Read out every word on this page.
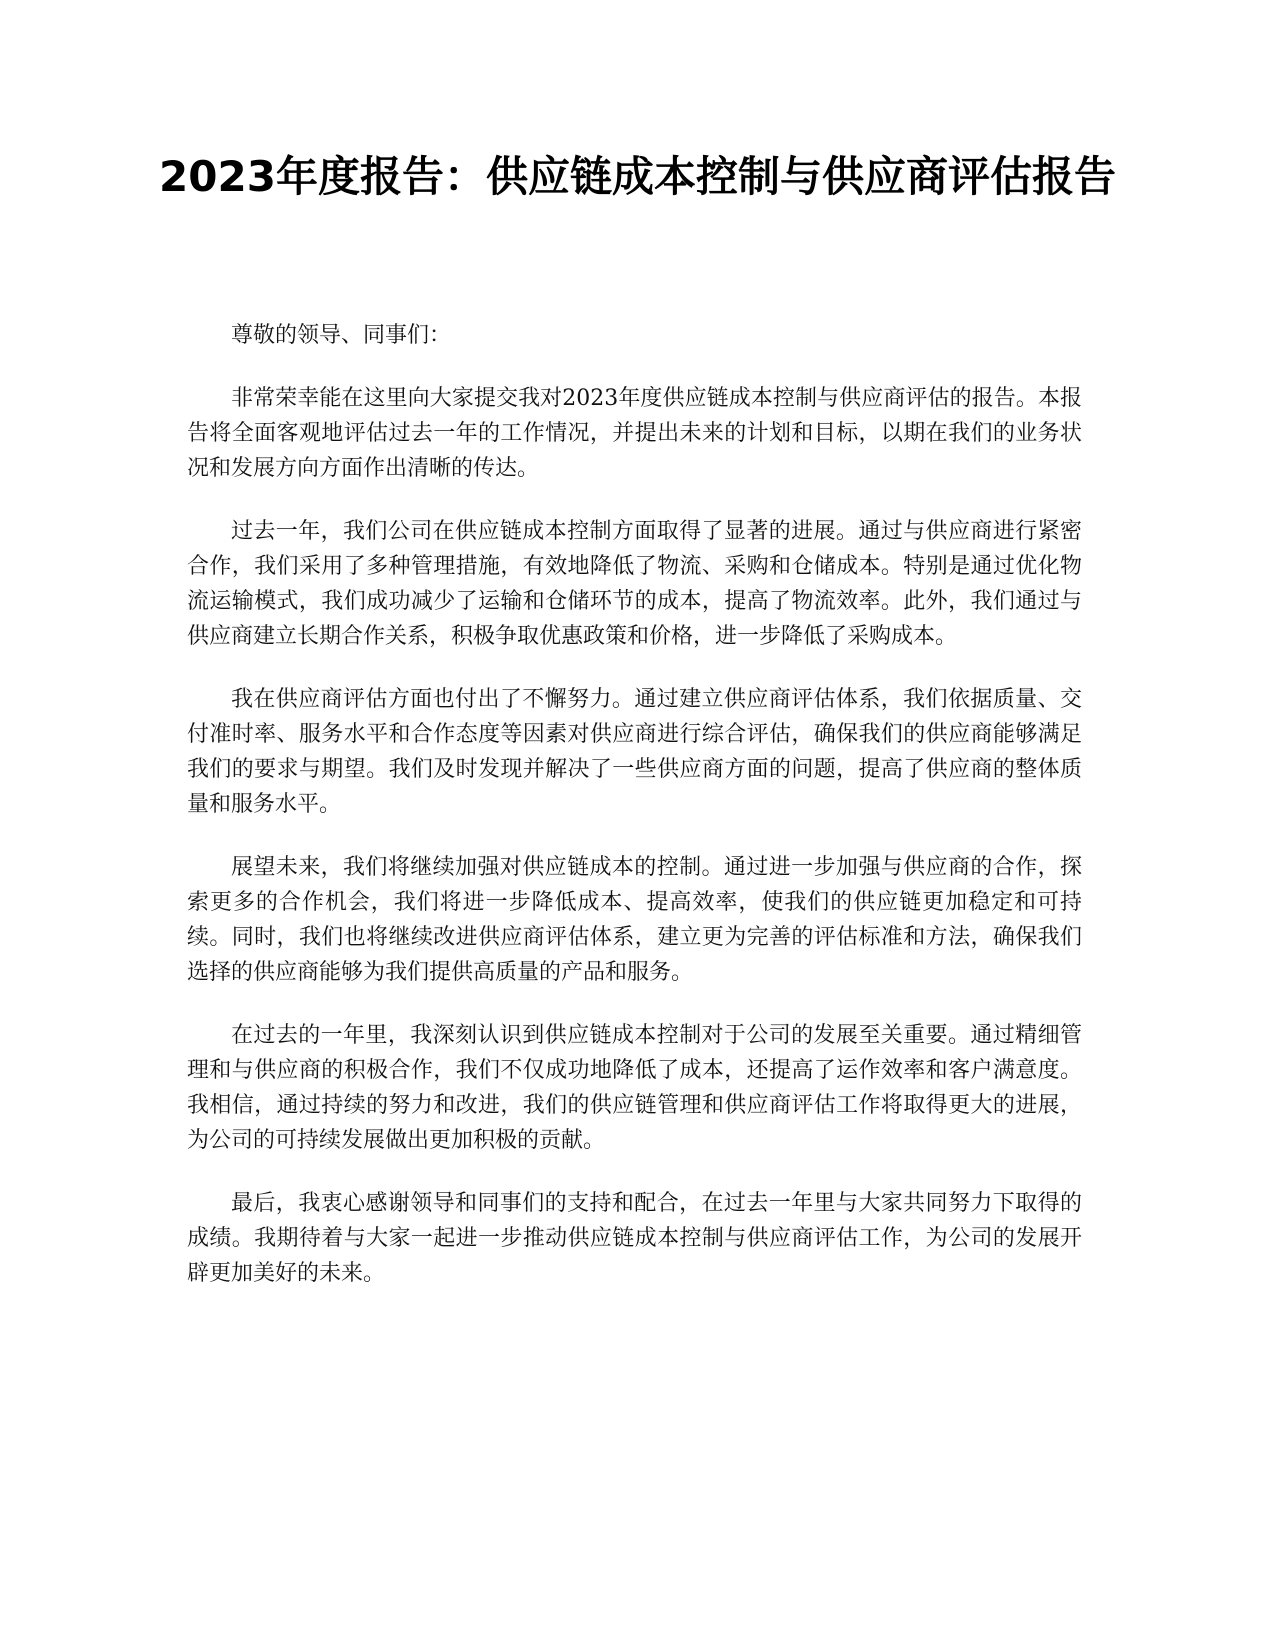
2023年度报告：供应链成本控制与供应商评估报告

尊敬的领导、同事们：

非常荣幸能在这里向大家提交我对2023年度供应链成本控制与供应商评估的报告。本报告将全面客观地评估过去一年的工作情况，并提出未来的计划和目标，以期在我们的业务状况和发展方向方面作出清晰的传达。

过去一年，我们公司在供应链成本控制方面取得了显著的进展。通过与供应商进行紧密合作，我们采用了多种管理措施，有效地降低了物流、采购和仓储成本。特别是通过优化物流运输模式，我们成功减少了运输和仓储环节的成本，提高了物流效率。此外，我们通过与供应商建立长期合作关系，积极争取优惠政策和价格，进一步降低了采购成本。

我在供应商评估方面也付出了不懈努力。通过建立供应商评估体系，我们依据质量、交付准时率、服务水平和合作态度等因素对供应商进行综合评估，确保我们的供应商能够满足我们的要求与期望。我们及时发现并解决了一些供应商方面的问题，提高了供应商的整体质量和服务水平。

展望未来，我们将继续加强对供应链成本的控制。通过进一步加强与供应商的合作，探索更多的合作机会，我们将进一步降低成本、提高效率，使我们的供应链更加稳定和可持续。同时，我们也将继续改进供应商评估体系，建立更为完善的评估标准和方法，确保我们选择的供应商能够为我们提供高质量的产品和服务。

在过去的一年里，我深刻认识到供应链成本控制对于公司的发展至关重要。通过精细管理和与供应商的积极合作，我们不仅成功地降低了成本，还提高了运作效率和客户满意度。我相信，通过持续的努力和改进，我们的供应链管理和供应商评估工作将取得更大的进展，为公司的可持续发展做出更加积极的贡献。

最后，我衷心感谢领导和同事们的支持和配合，在过去一年里与大家共同努力下取得的成绩。我期待着与大家一起进一步推动供应链成本控制与供应商评估工作，为公司的发展开辟更加美好的未来。
